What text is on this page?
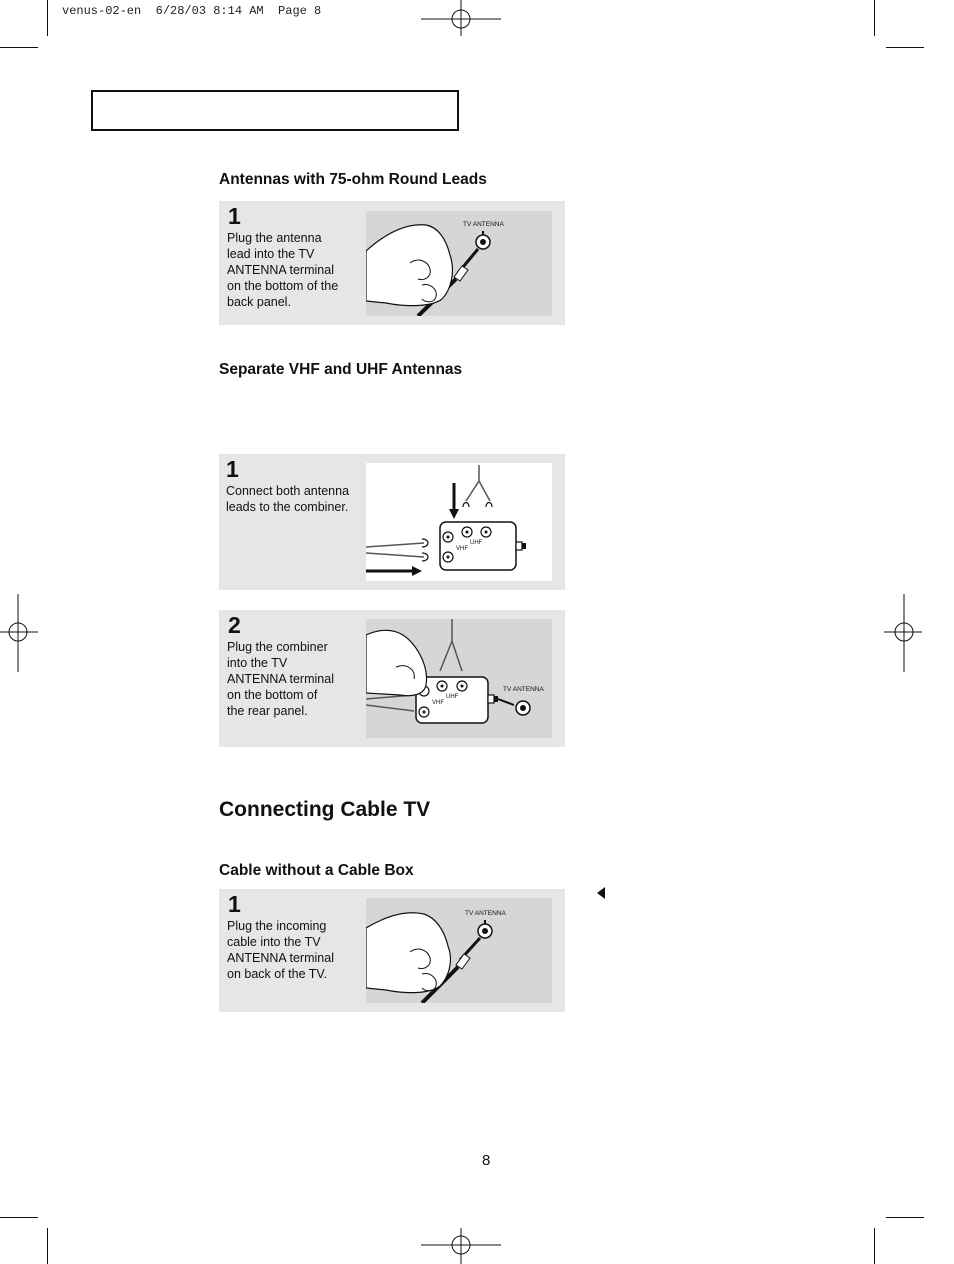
venus-02-en  6/28/03 8:14 AM  Page 8
Antennas with 75-ohm Round Leads
1
Plug the antenna
lead into the TV
ANTENNA terminal
on the bottom of the
back panel.
TV ANTENNA
Separate VHF and UHF Antennas
1
Connect both antenna
leads to the combiner.
UHF
VHF
2
Plug the combiner
into the TV
ANTENNA terminal
on the bottom of
the rear panel.
UHF
VHF
TV ANTENNA
Connecting Cable TV
Cable without a Cable Box
1
Plug the incoming
cable into the TV
ANTENNA terminal
on back of the TV.
TV ANTENNA
8
